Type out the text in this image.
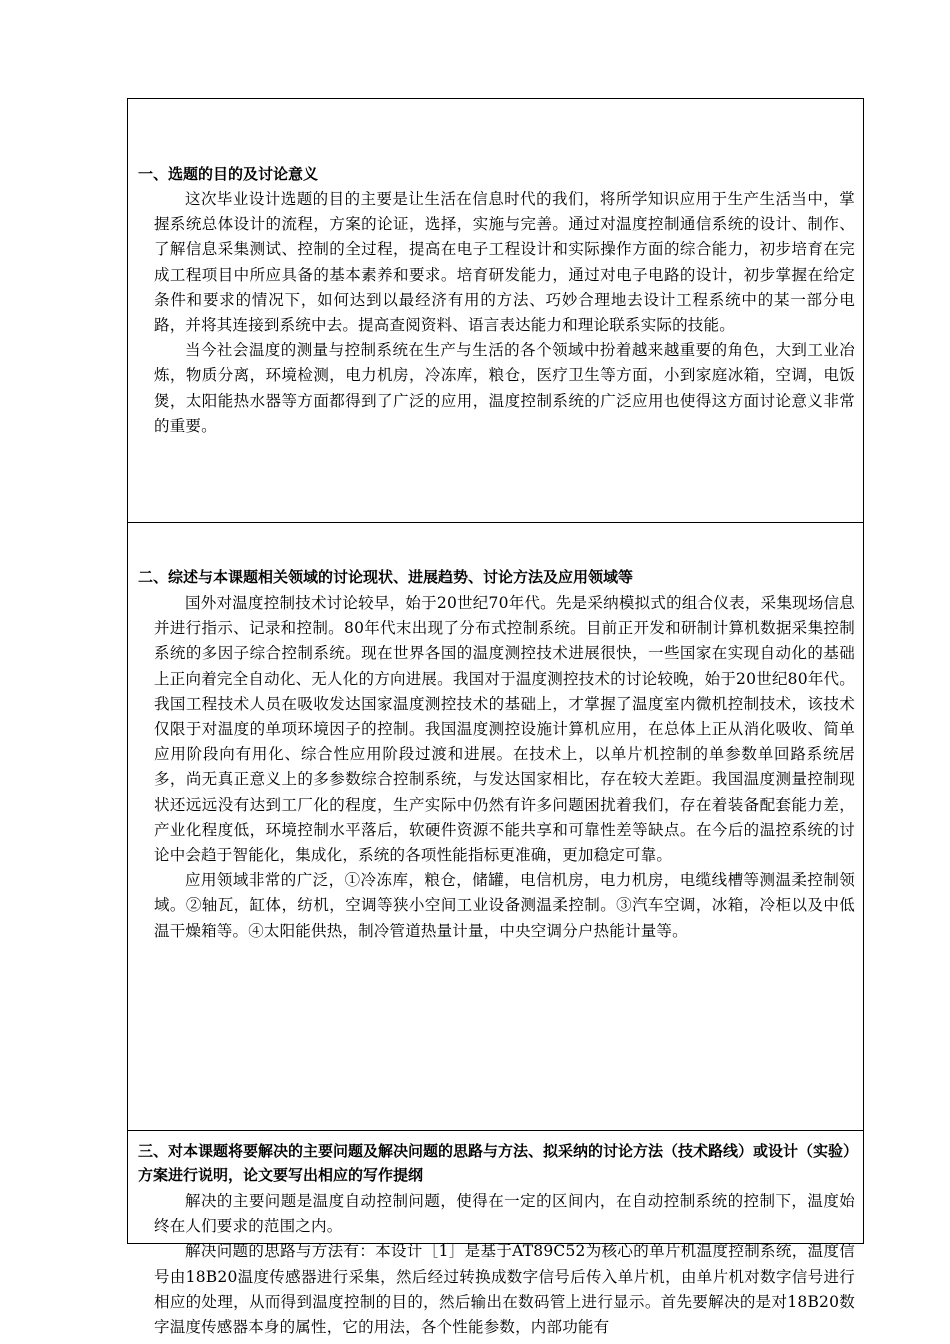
一、选题的目的及讨论意义

这次毕业设计选题的目的主要是让生活在信息时代的我们，将所学知识应用于生产生活当中，掌握系统总体设计的流程，方案的论证，选择，实施与完善。通过对温度控制通信系统的设计、制作、了解信息采集测试、控制的全过程，提高在电子工程设计和实际操作方面的综合能力，初步培育在完成工程项目中所应具备的基本素养和要求。培育研发能力，通过对电子电路的设计，初步掌握在给定条件和要求的情况下，如何达到以最经济有用的方法、巧妙合理地去设计工程系统中的某一部分电路，并将其连接到系统中去。提高查阅资料、语言表达能力和理论联系实际的技能。

当今社会温度的测量与控制系统在生产与生活的各个领域中扮着越来越重要的角色，大到工业冶炼，物质分离，环境检测，电力机房，冷冻库，粮仓，医疗卫生等方面，小到家庭冰箱，空调，电饭煲，太阳能热水器等方面都得到了广泛的应用，温度控制系统的广泛应用也使得这方面讨论意义非常的重要。

二、综述与本课题相关领域的讨论现状、进展趋势、讨论方法及应用领域等

国外对温度控制技术讨论较早，始于20世纪70年代。先是采纳模拟式的组合仪表，采集现场信息并进行指示、记录和控制。80年代末出现了分布式控制系统。目前正开发和研制计算机数据采集控制系统的多因子综合控制系统。现在世界各国的温度测控技术进展很快，一些国家在实现自动化的基础上正向着完全自动化、无人化的方向进展。我国对于温度测控技术的讨论较晚，始于20世纪80年代。我国工程技术人员在吸收发达国家温度测控技术的基础上，才掌握了温度室内微机控制技术，该技术仅限于对温度的单项环境因子的控制。我国温度测控设施计算机应用，在总体上正从消化吸收、简单应用阶段向有用化、综合性应用阶段过渡和进展。在技术上，以单片机控制的单参数单回路系统居多，尚无真正意义上的多参数综合控制系统，与发达国家相比，存在较大差距。我国温度测量控制现状还远远没有达到工厂化的程度，生产实际中仍然有许多问题困扰着我们，存在着装备配套能力差，产业化程度低，环境控制水平落后，软硬件资源不能共享和可靠性差等缺点。在今后的温控系统的讨论中会趋于智能化，集成化，系统的各项性能指标更准确，更加稳定可靠。

应用领域非常的广泛，①冷冻库，粮仓，储罐，电信机房，电力机房，电缆线槽等测温柔控制领域。②轴瓦，缸体，纺机，空调等狭小空间工业设备测温柔控制。③汽车空调，冰箱，冷柜以及中低温干燥箱等。④太阳能供热，制冷管道热量计量，中央空调分户热能计量等。

三、对本课题将要解决的主要问题及解决问题的思路与方法、拟采纳的讨论方法（技术路线）或设计（实验）方案进行说明，论文要写出相应的写作提纲

解决的主要问题是温度自动控制问题，使得在一定的区间内，在自动控制系统的控制下，温度始终在人们要求的范围之内。

解决问题的思路与方法有：本设计［1］是基于AT89C52为核心的单片机温度控制系统，温度信号由18B20温度传感器进行采集，然后经过转换成数字信号后传入单片机，由单片机对数字信号进行相应的处理，从而得到温度控制的目的，然后输出在数码管上进行显示。首先要解决的是对18B20数字温度传感器本身的属性，它的用法，各个性能参数，内部功能有
